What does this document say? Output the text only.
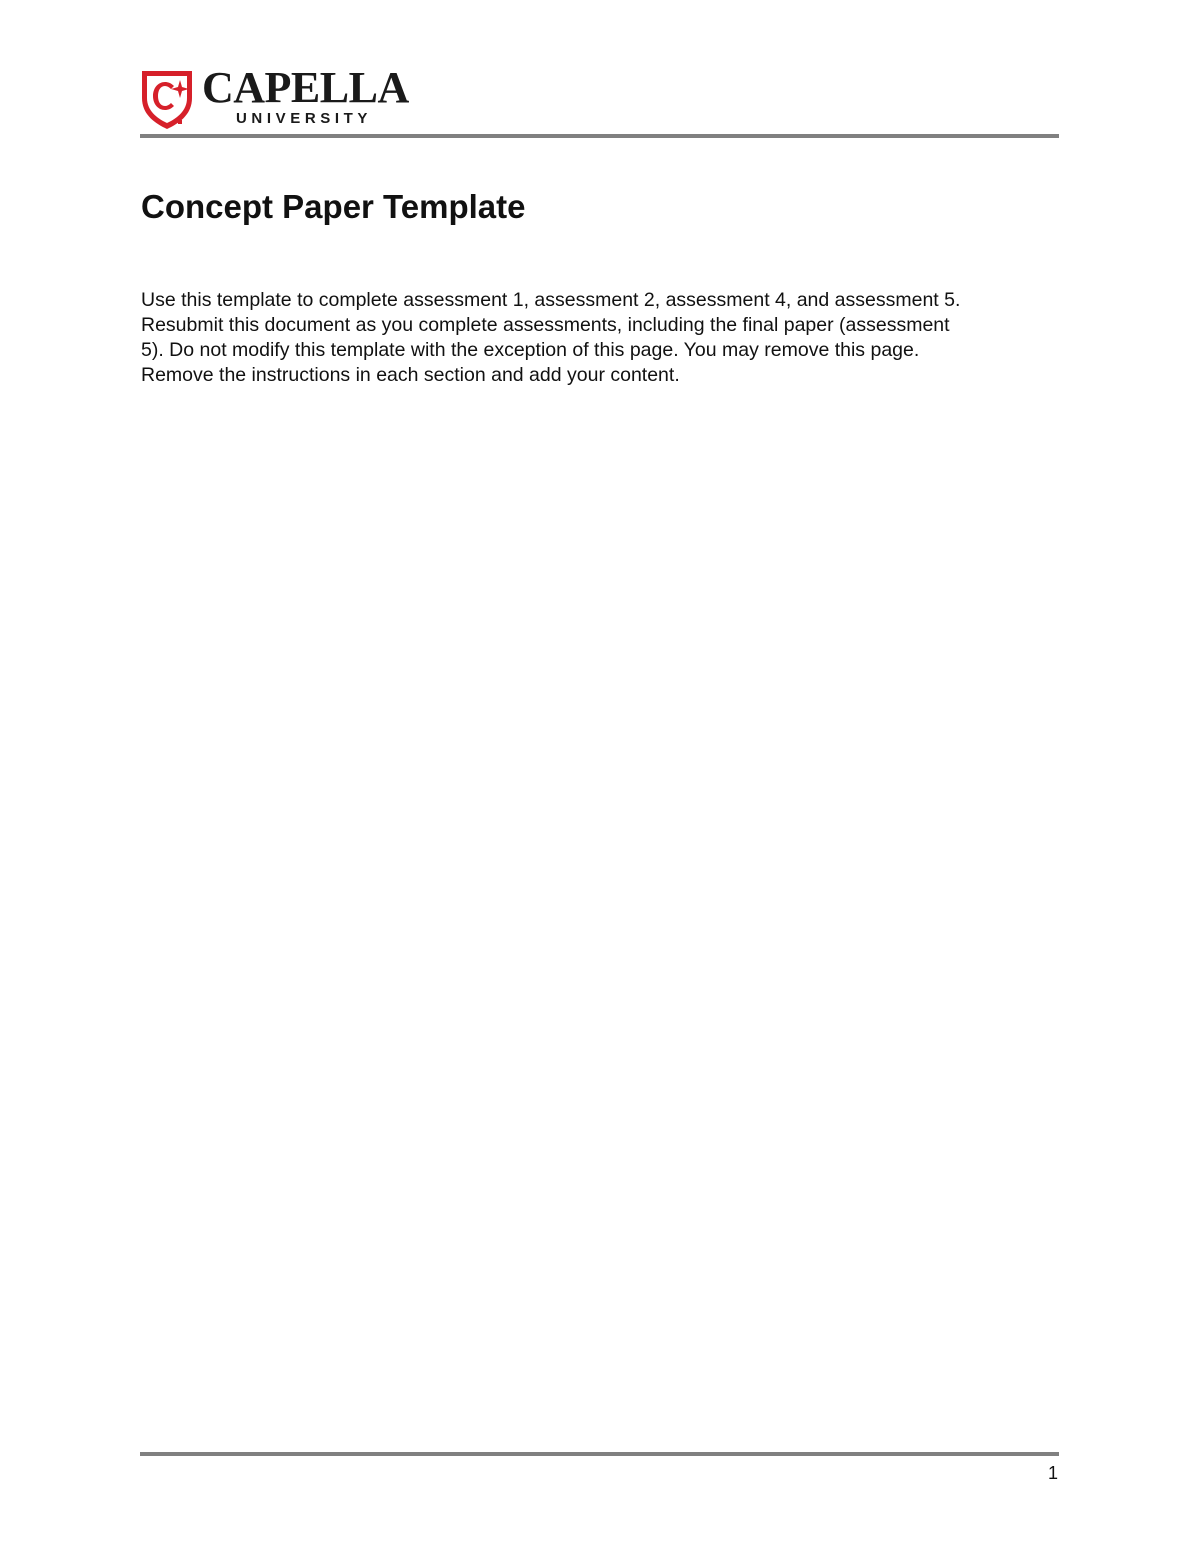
CAPELLA
UNIVERSITY
Concept Paper Template

Use this template to complete assessment 1, assessment 2, assessment 4, and assessment 5.
Resubmit this document as you complete assessments, including the final paper (assessment
5). Do not modify this template with the exception of this page. You may remove this page.
Remove the instructions in each section and add your content.

1
